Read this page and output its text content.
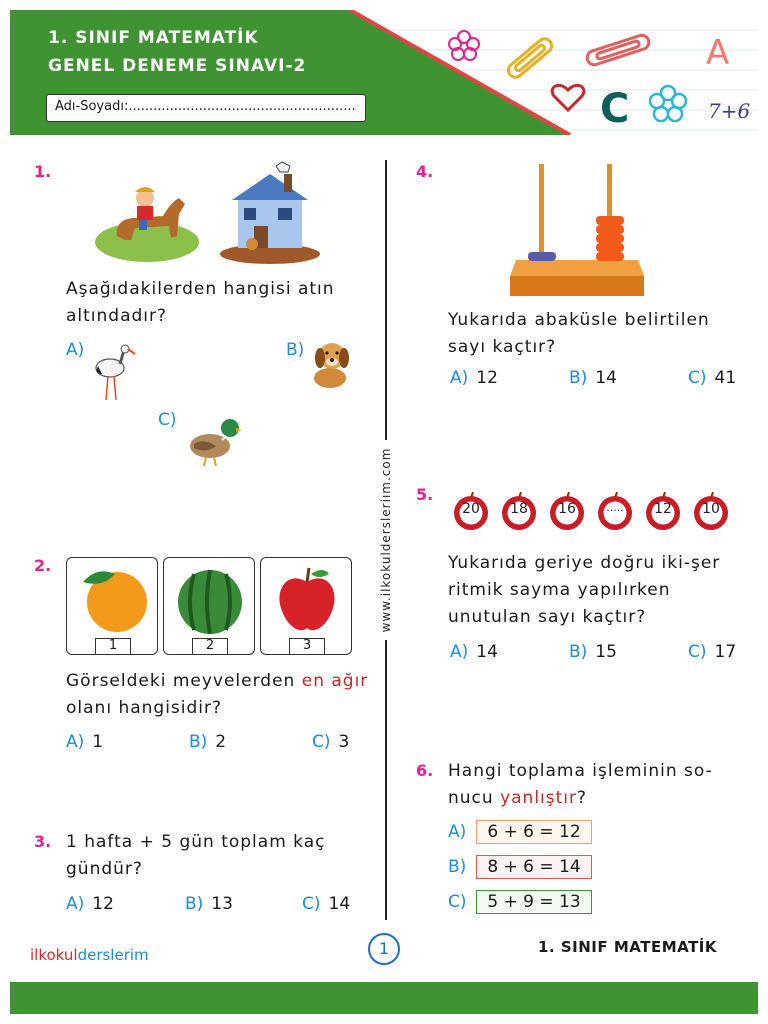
1. SINIF MATEMATİK
GENEL DENEME SINAVI-2
Adı-Soyadı:.......................................................
A
C	7+6
www.ilkokuldersleriım.com
1.
Aşağıdakilerden hangisi atın altındadır?
A)	B)
C)
2.
1	2	3
Görseldeki meyvelerden en ağır olanı hangisidir?
A) 1	B) 2	C) 3
3. 1 hafta + 5 gün toplam kaç gündür?
A) 12	B) 13	C) 14
4.
Yukarıda abaküsle belirtilen sayı kaçtır?
A) 12	B) 14	C) 41
5.
20	18	16	.....	12	10
Yukarıda geriye doğru iki-şer ritmik sayma yapılırken unutulan sayı kaçtır?
A) 14	B) 15	C) 17
6. Hangi toplama işleminin so-nucu yanlıştır?
A)	6 + 6 = 12
B)	8 + 6 = 14
C)	5 + 9 = 13
ilkokulderslerim	1	1. SINIF MATEMATİK
